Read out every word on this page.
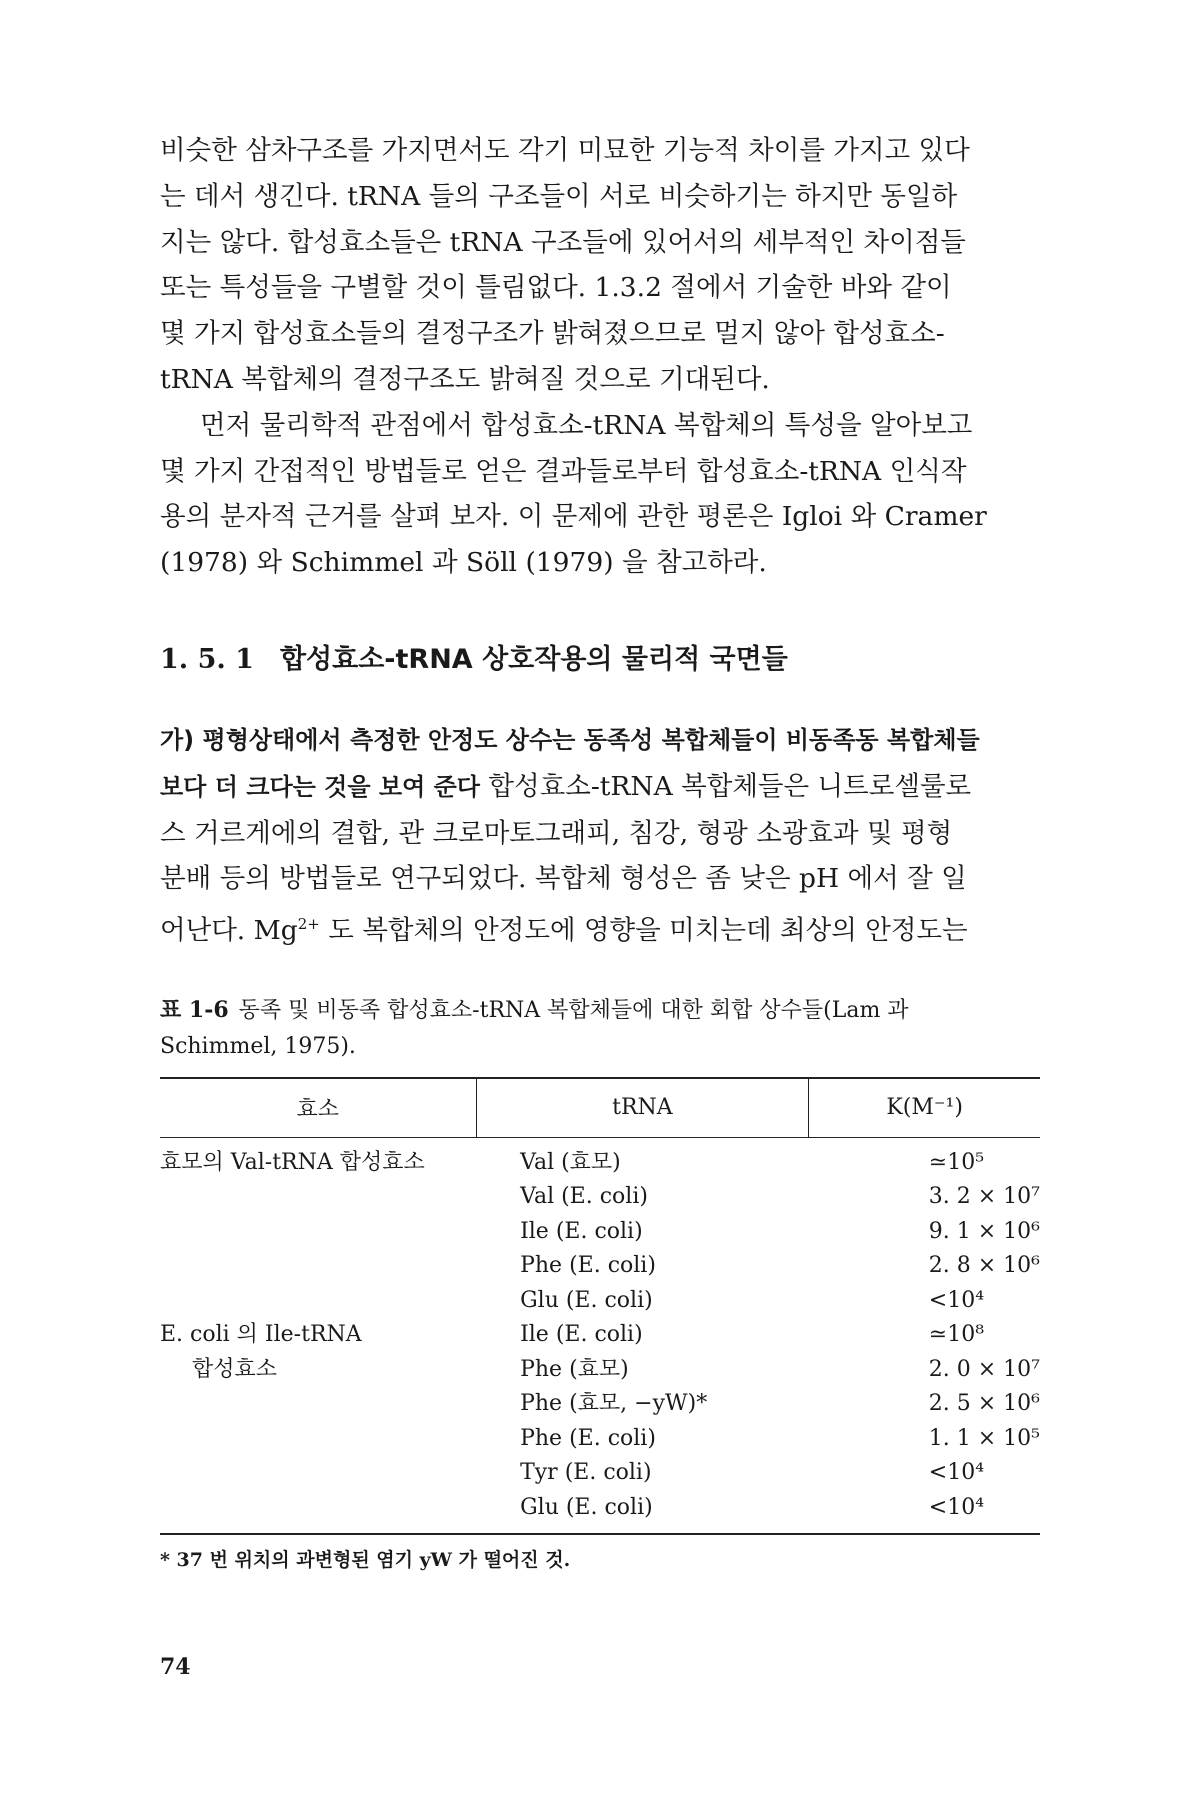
비슷한 삼차구조를 가지면서도 각기 미묘한 기능적 차이를 가지고 있다
는 데서 생긴다. tRNA 들의 구조들이 서로 비슷하기는 하지만 동일하
지는 않다. 합성효소들은 tRNA 구조들에 있어서의 세부적인 차이점들
또는 특성들을 구별할 것이 틀림없다. 1.3.2 절에서 기술한 바와 같이
몇 가지 합성효소들의 결정구조가 밝혀졌으므로 멀지 않아 합성효소-
tRNA 복합체의 결정구조도 밝혀질 것으로 기대된다.

먼저 물리학적 관점에서 합성효소-tRNA 복합체의 특성을 알아보고
몇 가지 간접적인 방법들로 얻은 결과들로부터 합성효소-tRNA 인식작
용의 분자적 근거를 살펴 보자. 이 문제에 관한 평론은 Igloi 와 Cramer
(1978) 와 Schimmel 과 Söll (1979) 을 참고하라.

1. 5. 1 합성효소-tRNA 상호작용의 물리적 국면들

가) 평형상태에서 측정한 안정도 상수는 동족성 복합체들이 비동족동 복합체들
보다 더 크다는 것을 보여 준다 합성효소-tRNA 복합체들은 니트로셀룰로
스 거르게에의 결합, 관 크로마토그래피, 침강, 형광 소광효과 및 평형
분배 등의 방법들로 연구되었다. 복합체 형성은 좀 낮은 pH 에서 잘 일
어난다. $Mg^{2+}$ 도 복합체의 안정도에 영향을 미치는데 최상의 안정도는

표 1-6 동족 및 비동족 합성효소-tRNA 복합체들에 대한 회합 상수들(Lam 과
Schimmel, 1975).
효소	tRNA	K(M⁻¹)
효모의 Val-tRNA 합성효소	Val (효모)	≃10⁵
	Val (E. coli)	3. 2 × 10⁷
	Ile (E. coli)	9. 1 × 10⁶
	Phe (E. coli)	2. 8 × 10⁶
	Glu (E. coli)	<10⁴
E. coli 의 Ile-tRNA	Ile (E. coli)	≃10⁸
합성효소	Phe (효모)	2. 0 × 10⁷
	Phe (효모, −yW)*	2. 5 × 10⁶
	Phe (E. coli)	1. 1 × 10⁵
	Tyr (E. coli)	<10⁴
	Glu (E. coli)	<10⁴
* 37 번 위치의 과변형된 염기 yW 가 떨어진 것.
74
